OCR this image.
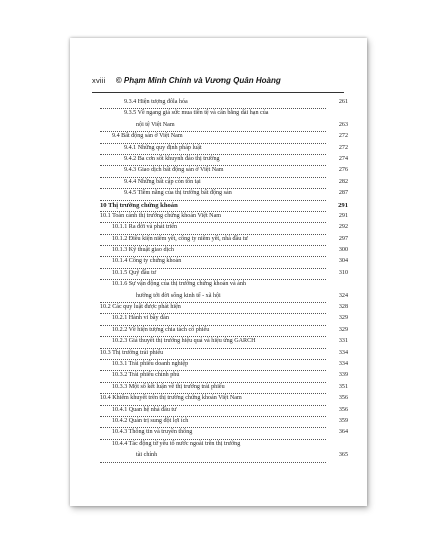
xviii © Phạm Minh Chính và Vương Quân Hoàng
9.3.4 Hiện tượng đôla hóa	261
9.3.5 Về ngang giá sức mua tiền tệ và cân bằng dài hạn của
nội tệ Việt Nam	263
9.4 Bất động sản ở Việt Nam	272
9.4.1 Những quy định pháp luật	272
9.4.2 Ba cơn sốt khuynh đảo thị trường	274
9.4.3 Giao dịch bất động sản ở Việt Nam	276
9.4.4 Những bất cập còn tồn tại	282
9.4.5 Tiềm năng của thị trường bất động sản	287
10 Thị trường chứng khoán	291
10.1 Toàn cảnh thị trường chứng khoán Việt Nam	291
10.1.1 Ra đời và phát triển	292
10.1.2 Điều kiện niêm yết, công ty niêm yết, nhà đầu tư	297
10.1.3 Kỹ thuật giao dịch	300
10.1.4 Công ty chứng khoán	304
10.1.5 Quỹ đầu tư	310
10.1.6 Sự vận động của thị trường chứng khoán và ảnh
hưởng tới đời sống kinh tế - xã hội	324
10.2 Các quy luật được phát hiện	328
10.2.1 Hành vi bầy đàn	329
10.2.2 Về hiện tượng chia tách cổ phiếu	329
10.2.3 Giả thuyết thị trường hiệu quả và hiệu ứng GARCH	331
10.3 Thị trường trái phiếu	334
10.3.1 Trái phiếu doanh nghiệp	334
10.3.2 Trái phiếu chính phủ	339
10.3.3 Một số kết luận về thị trường trái phiếu	351
10.4 Khiếm khuyết trên thị trường chứng khoán Việt Nam	356
10.4.1 Quan hệ nhà đầu tư	356
10.4.2 Quản trị sung đột lợi ích	359
10.4.3 Thông tin và truyền thông	364
10.4.4 Tác động từ yếu tố nước ngoài trên thị trường
tài chính	365
